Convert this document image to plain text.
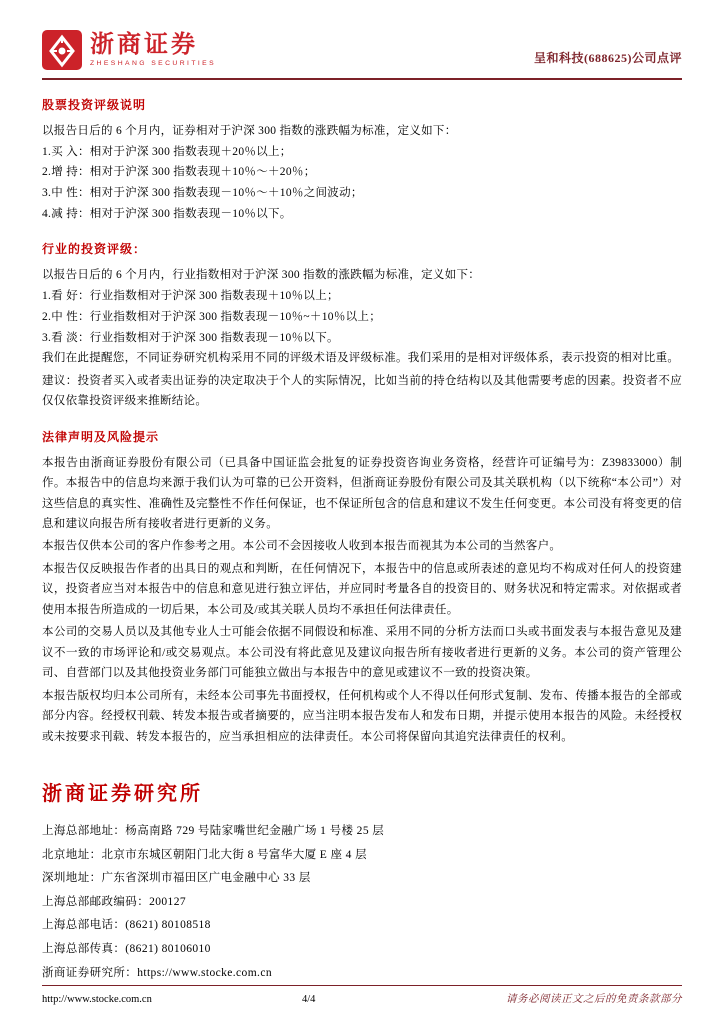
浙商证券
ZHESHANG SECURITIES	呈和科技(688625)公司点评
股票投资评级说明
以报告日后的 6 个月内，证券相对于沪深 300 指数的涨跌幅为标准，定义如下：
1.买 入：相对于沪深 300 指数表现＋20％以上；
2.增 持：相对于沪深 300 指数表现＋10％～＋20％；
3.中 性：相对于沪深 300 指数表现－10％～＋10％之间波动；
4.减 持：相对于沪深 300 指数表现－10％以下。
行业的投资评级：
以报告日后的 6 个月内，行业指数相对于沪深 300 指数的涨跌幅为标准，定义如下：
1.看 好：行业指数相对于沪深 300 指数表现＋10％以上；
2.中 性：行业指数相对于沪深 300 指数表现－10％~＋10％以上；
3.看 淡：行业指数相对于沪深 300 指数表现－10％以下。

我们在此提醒您，不同证券研究机构采用不同的评级术语及评级标准。我们采用的是相对评级体系，表示投资的相对比重。

建议：投资者买入或者卖出证券的决定取决于个人的实际情况，比如当前的持仓结构以及其他需要考虑的因素。投资者不应仅仅依靠投资评级来推断结论。

法律声明及风险提示

本报告由浙商证券股份有限公司（已具备中国证监会批复的证券投资咨询业务资格，经营许可证编号为：Z39833000）制作。本报告中的信息均来源于我们认为可靠的已公开资料，但浙商证券股份有限公司及其关联机构（以下统称“本公司”）对这些信息的真实性、准确性及完整性不作任何保证，也不保证所包含的信息和建议不发生任何变更。本公司没有将变更的信息和建议向报告所有接收者进行更新的义务。

本报告仅供本公司的客户作参考之用。本公司不会因接收人收到本报告而视其为本公司的当然客户。

本报告仅反映报告作者的出具日的观点和判断，在任何情况下，本报告中的信息或所表述的意见均不构成对任何人的投资建议，投资者应当对本报告中的信息和意见进行独立评估，并应同时考量各自的投资目的、财务状况和特定需求。对依据或者使用本报告所造成的一切后果，本公司及/或其关联人员均不承担任何法律责任。

本公司的交易人员以及其他专业人士可能会依据不同假设和标准、采用不同的分析方法而口头或书面发表与本报告意见及建议不一致的市场评论和/或交易观点。本公司没有将此意见及建议向报告所有接收者进行更新的义务。本公司的资产管理公司、自营部门以及其他投资业务部门可能独立做出与本报告中的意见或建议不一致的投资决策。

本报告版权均归本公司所有，未经本公司事先书面授权，任何机构或个人不得以任何形式复制、发布、传播本报告的全部或部分内容。经授权刊载、转发本报告或者摘要的，应当注明本报告发布人和发布日期，并提示使用本报告的风险。未经授权或未按要求刊载、转发本报告的，应当承担相应的法律责任。本公司将保留向其追究法律责任的权利。

浙商证券研究所
上海总部地址：杨高南路 729 号陆家嘴世纪金融广场 1 号楼 25 层
北京地址：北京市东城区朝阳门北大街 8 号富华大厦 E 座 4 层
深圳地址：广东省深圳市福田区广电金融中心 33 层
上海总部邮政编码：200127
上海总部电话：(8621) 80108518
上海总部传真：(8621) 80106010
浙商证券研究所：https://www.stocke.com.cn
http://www.stocke.com.cn	4/4	请务必阅读正文之后的免责条款部分
